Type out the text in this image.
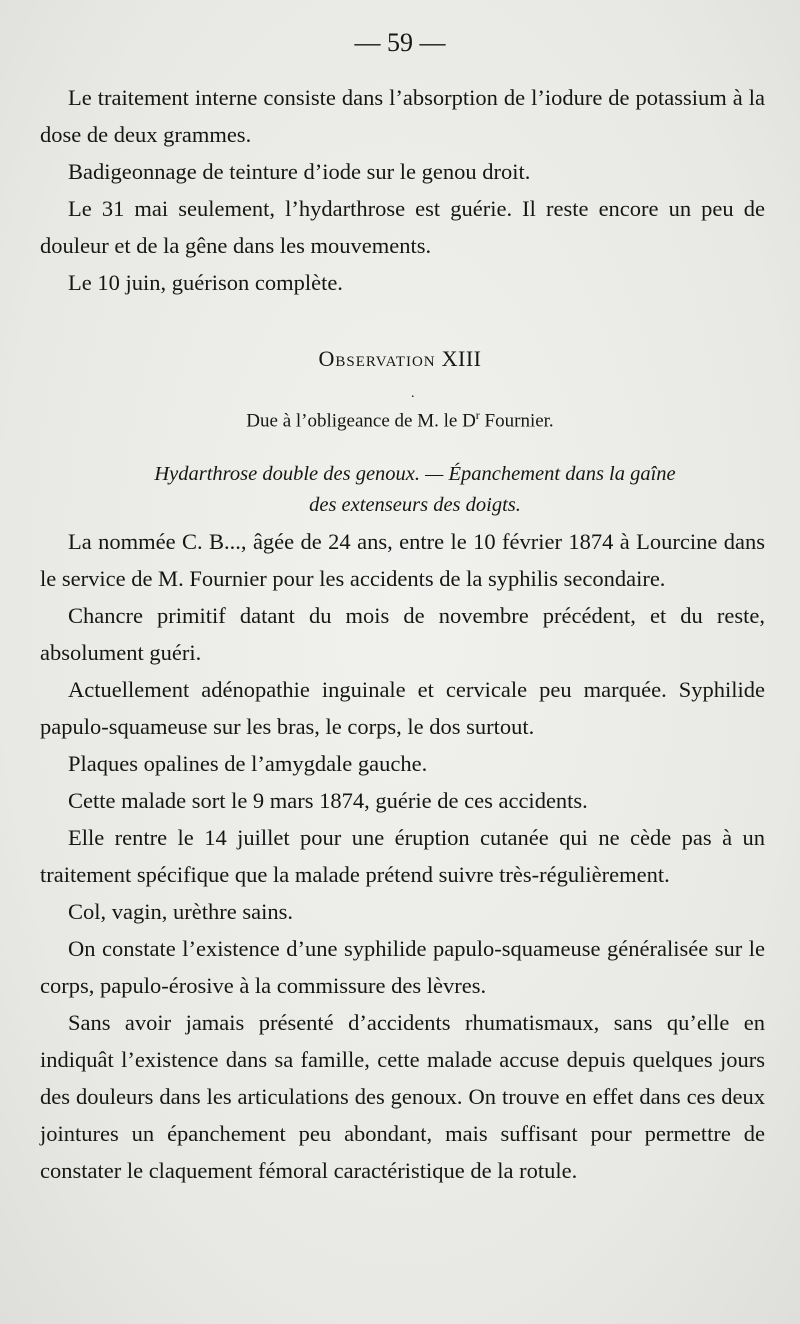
— 59 —

Le traitement interne consiste dans l’absorption de l’iodure de potassium à la dose de deux grammes.

Badigeonnage de teinture d’iode sur le genou droit.

Le 31 mai seulement, l’hydarthrose est guérie. Il reste encore un peu de douleur et de la gêne dans les mouvements.

Le 10 juin, guérison complète.

Observation XIII
.
Due à l’obligeance de M. le $D^r$ Fournier.
Hydarthrose double des genoux. — Épanchement dans la gaîne
des extenseurs des doigts.

La nommée C. B..., âgée de 24 ans, entre le 10 février 1874 à Lourcine dans le service de M. Fournier pour les accidents de la syphilis secondaire.

Chancre primitif datant du mois de novembre précédent, et du reste, absolument guéri.

Actuellement adénopathie inguinale et cervicale peu marquée. Syphilide papulo-squameuse sur les bras, le corps, le dos surtout.

Plaques opalines de l’amygdale gauche.

Cette malade sort le 9 mars 1874, guérie de ces accidents.

Elle rentre le 14 juillet pour une éruption cutanée qui ne cède pas à un traitement spécifique que la malade prétend suivre très-régulièrement.

Col, vagin, urèthre sains.

On constate l’existence d’une syphilide papulo-squameuse généralisée sur le corps, papulo-érosive à la commissure des lèvres.

Sans avoir jamais présenté d’accidents rhumatismaux, sans qu’elle en indiquât l’existence dans sa famille, cette malade accuse depuis quelques jours des douleurs dans les articulations des genoux. On trouve en effet dans ces deux jointures un épanchement peu abondant, mais suffisant pour permettre de constater le claquement fémoral caractéristique de la rotule.
